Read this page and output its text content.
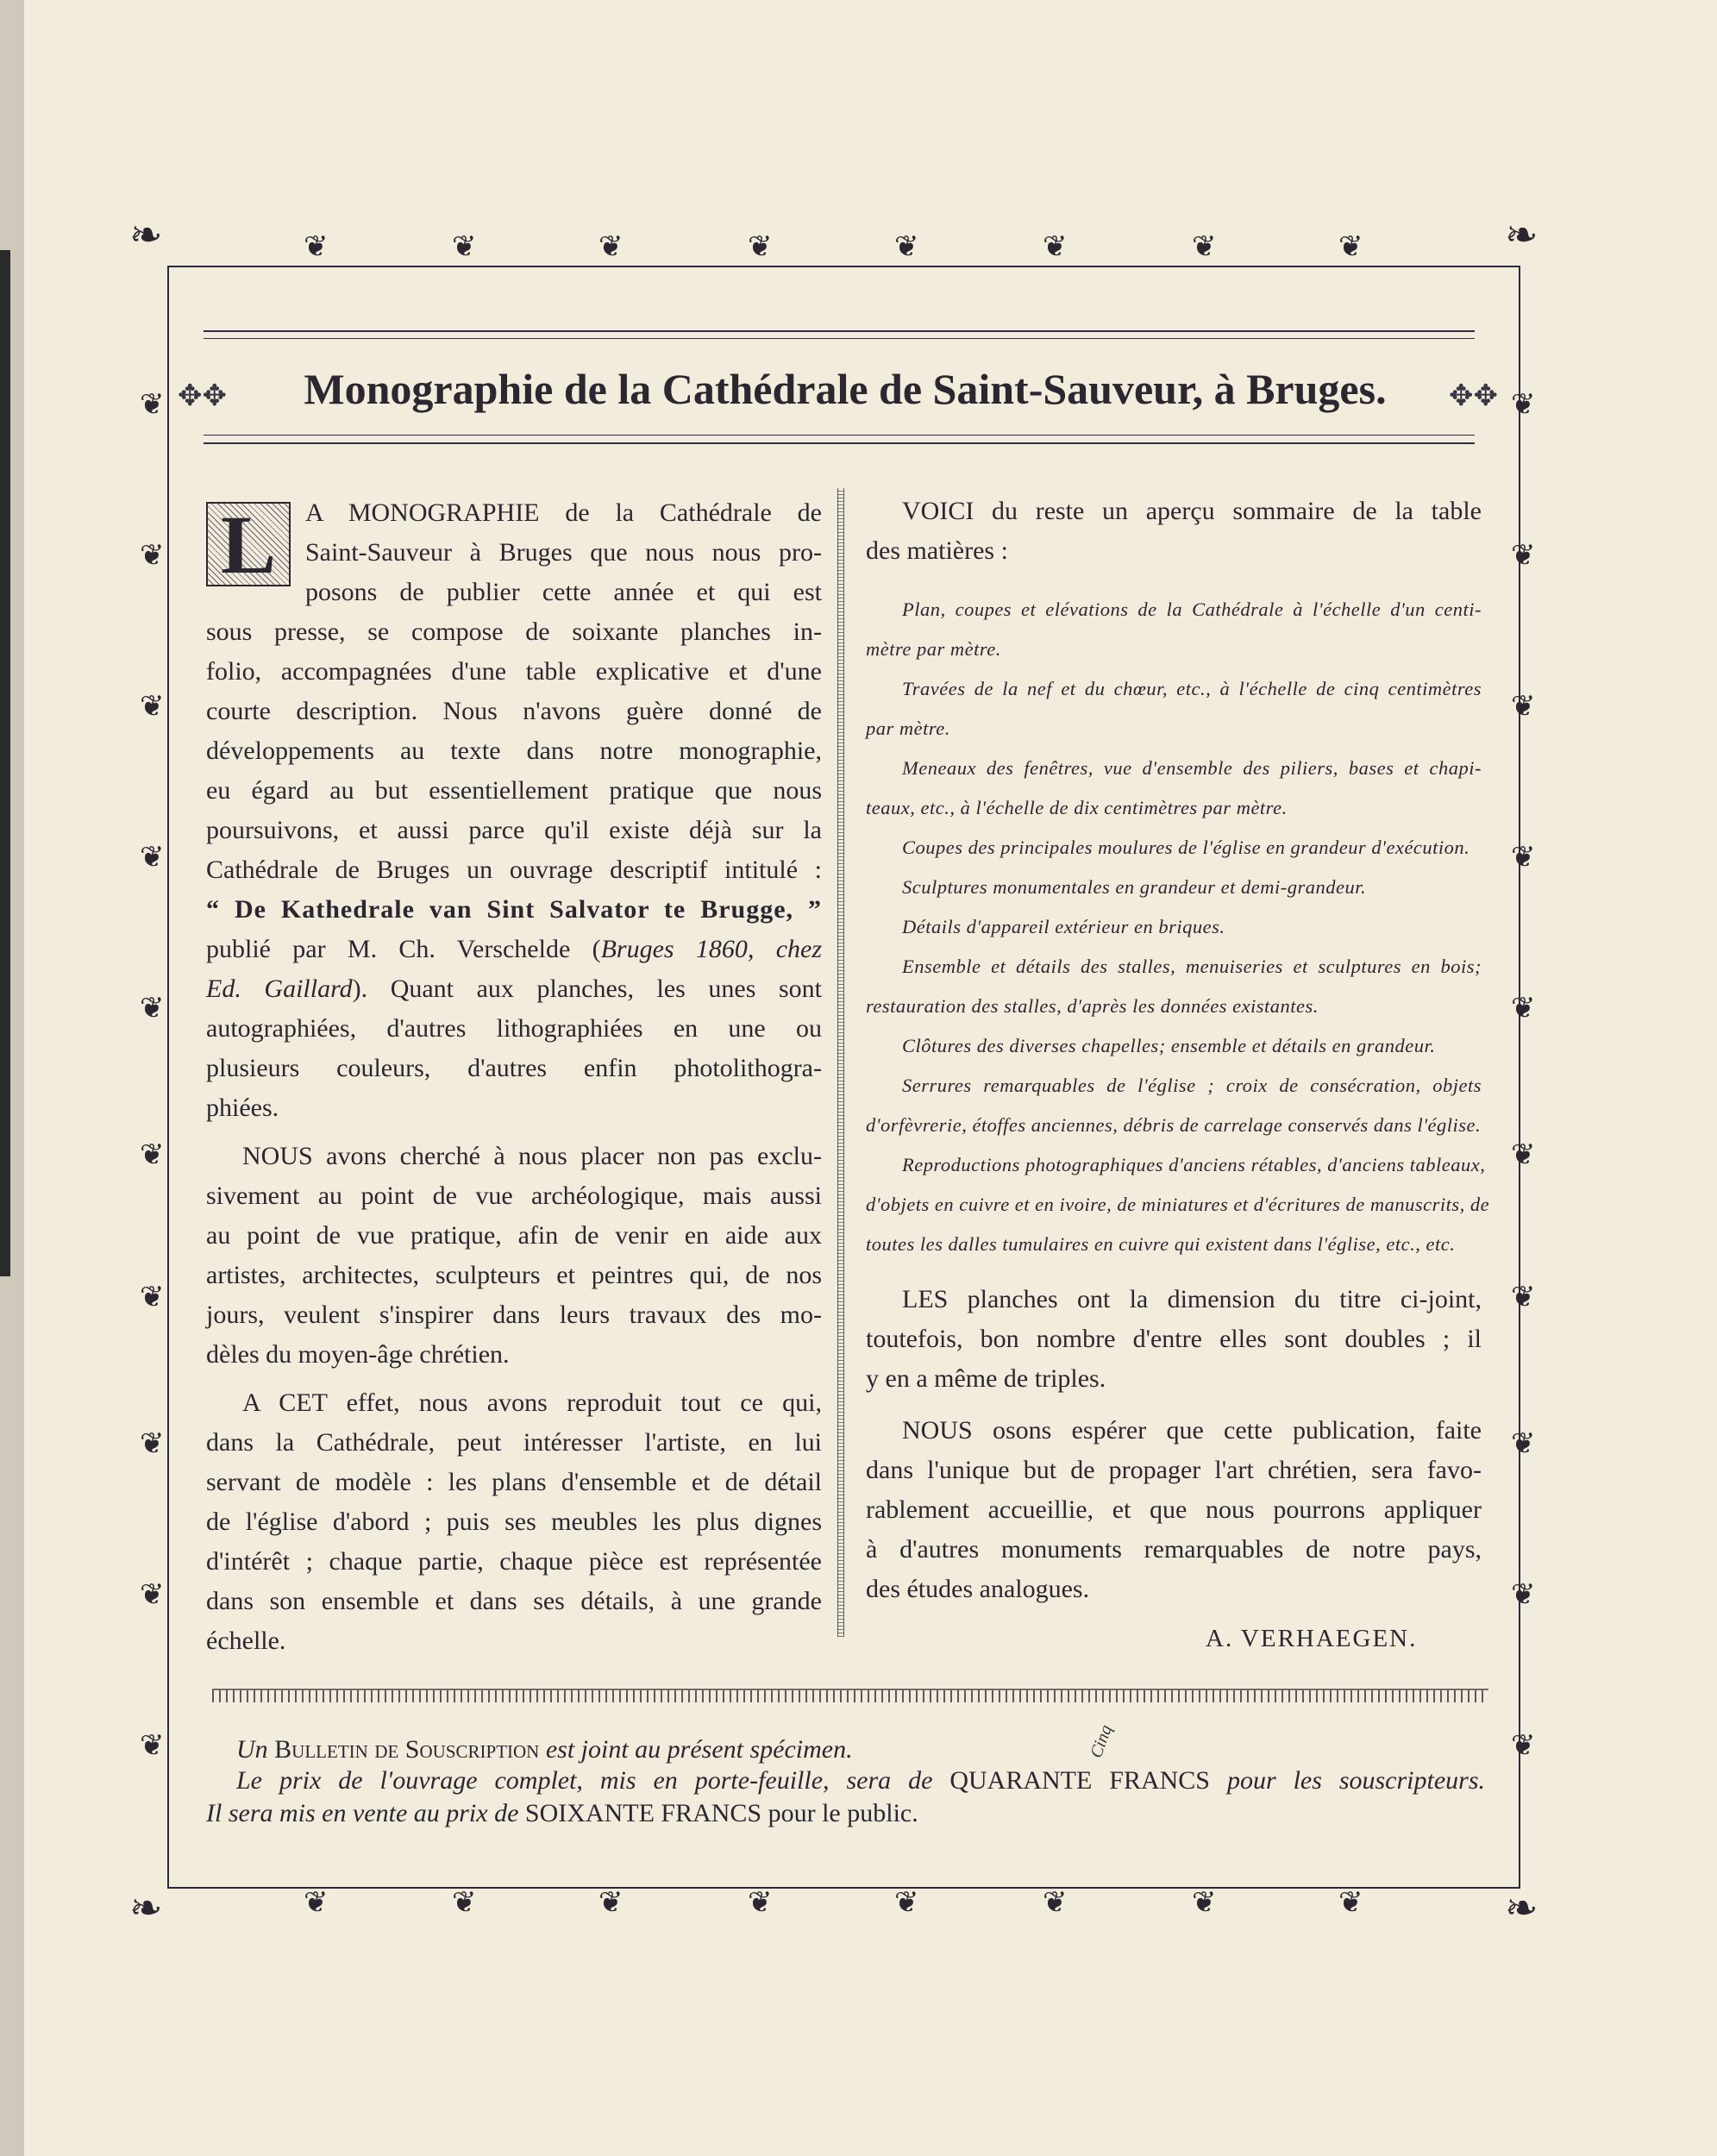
❦
❦
❦
❦
❦
❦
❦
❦
❦
❦
❦
❦
❦
❦
❦
❦
❦	❦
❦	❦
❦	❦
❦	❦
❦	❦
❦	❦
❦	❦
❦	❦
❦	❦
❦	❦
❧	❧
❧	❧
✥✥	Monographie de la Cathédrale de Saint-Sauveur, à Bruges.	✥✥
L	A MONOGRAPHIE de la Cathédrale de
Saint-Sauveur à Bruges que nous nous pro-
posons de publier cette année et qui est
sous presse, se compose de soixante planches in-
folio, accompagnées d'une table explicative et d'une
courte description. Nous n'avons guère donné de
développements au texte dans notre monographie,
eu égard au but essentiellement pratique que nous
poursuivons, et aussi parce qu'il existe déjà sur la
Cathédrale de Bruges un ouvrage descriptif intitulé :
“ De Kathedrale van Sint Salvator te Brugge, ”
publié par M. Ch. Verschelde (Bruges 1860, chez
Ed. Gaillard). Quant aux planches, les unes sont
autographiées, d'autres lithographiées en une ou
plusieurs couleurs, d'autres enfin photolithogra-
phiées.
NOUS avons cherché à nous placer non pas exclu-
sivement au point de vue archéologique, mais aussi
au point de vue pratique, afin de venir en aide aux
artistes, architectes, sculpteurs et peintres qui, de nos
jours, veulent s'inspirer dans leurs travaux des mo-
dèles du moyen-âge chrétien.
A CET effet, nous avons reproduit tout ce qui,
dans la Cathédrale, peut intéresser l'artiste, en lui
servant de modèle : les plans d'ensemble et de détail
de l'église d'abord ; puis ses meubles les plus dignes
d'intérêt ; chaque partie, chaque pièce est représentée
dans son ensemble et dans ses détails, à une grande
échelle.
VOICI du reste un aperçu sommaire de la table
des matières :
Plan, coupes et elévations de la Cathédrale à l'échelle d'un centi-
mètre par mètre.
Travées de la nef et du chœur, etc., à l'échelle de cinq centimètres
par mètre.
Meneaux des fenêtres, vue d'ensemble des piliers, bases et chapi-
teaux, etc., à l'échelle de dix centimètres par mètre.
Coupes des principales moulures de l'église en grandeur d'exécution.
Sculptures monumentales en grandeur et demi-grandeur.
Détails d'appareil extérieur en briques.
Ensemble et détails des stalles, menuiseries et sculptures en bois;
restauration des stalles, d'après les données existantes.
Clôtures des diverses chapelles; ensemble et détails en grandeur.
Serrures remarquables de l'église ; croix de consécration, objets
d'orfèvrerie, étoffes anciennes, débris de carrelage conservés dans l'église.
Reproductions photographiques d'anciens rétables, d'anciens tableaux,
d'objets en cuivre et en ivoire, de miniatures et d'écritures de manuscrits, de
toutes les dalles tumulaires en cuivre qui existent dans l'église, etc., etc.
LES planches ont la dimension du titre ci-joint,
toutefois, bon nombre d'entre elles sont doubles ; il
y en a même de triples.
NOUS osons espérer que cette publication, faite
dans l'unique but de propager l'art chrétien, sera favo-
rablement accueillie, et que nous pourrons appliquer
à d'autres monuments remarquables de notre pays,
des études analogues.
A. VERHAEGEN.
Un Bulletin de Souscription est joint au présent spécimen.
Le prix de l'ouvrage complet, mis en porte-feuille, sera de QUARANTE FRANCS pour les souscripteurs.
Il sera mis en vente au prix de SOIXANTE FRANCS pour le public.
Cinq
